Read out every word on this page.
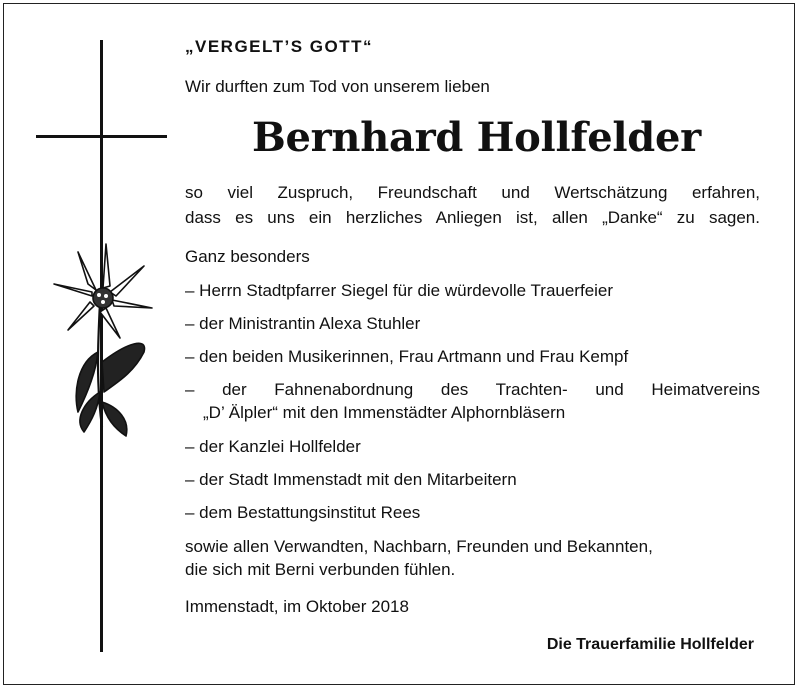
„VERGELT’S GOTT“
Wir durften zum Tod von unserem lieben
Bernhard Hollfelder
so viel Zuspruch, Freundschaft und Wertschätzung erfahren,
dass es uns ein herzliches Anliegen ist, allen „Danke“ zu sagen.
Ganz besonders
– Herrn Stadtpfarrer Siegel für die würdevolle Trauerfeier
– der Ministrantin Alexa Stuhler
– den beiden Musikerinnen, Frau Artmann und Frau Kempf
– der Fahnenabordnung des Trachten- und Heimatvereins
„D’ Älpler“ mit den Immenstädter Alphornbläsern
– der Kanzlei Hollfelder
– der Stadt Immenstadt mit den Mitarbeitern
– dem Bestattungsinstitut Rees
sowie allen Verwandten, Nachbarn, Freunden und Bekannten,
die sich mit Berni verbunden fühlen.
Immenstadt, im Oktober 2018
Die Trauerfamilie Hollfelder
